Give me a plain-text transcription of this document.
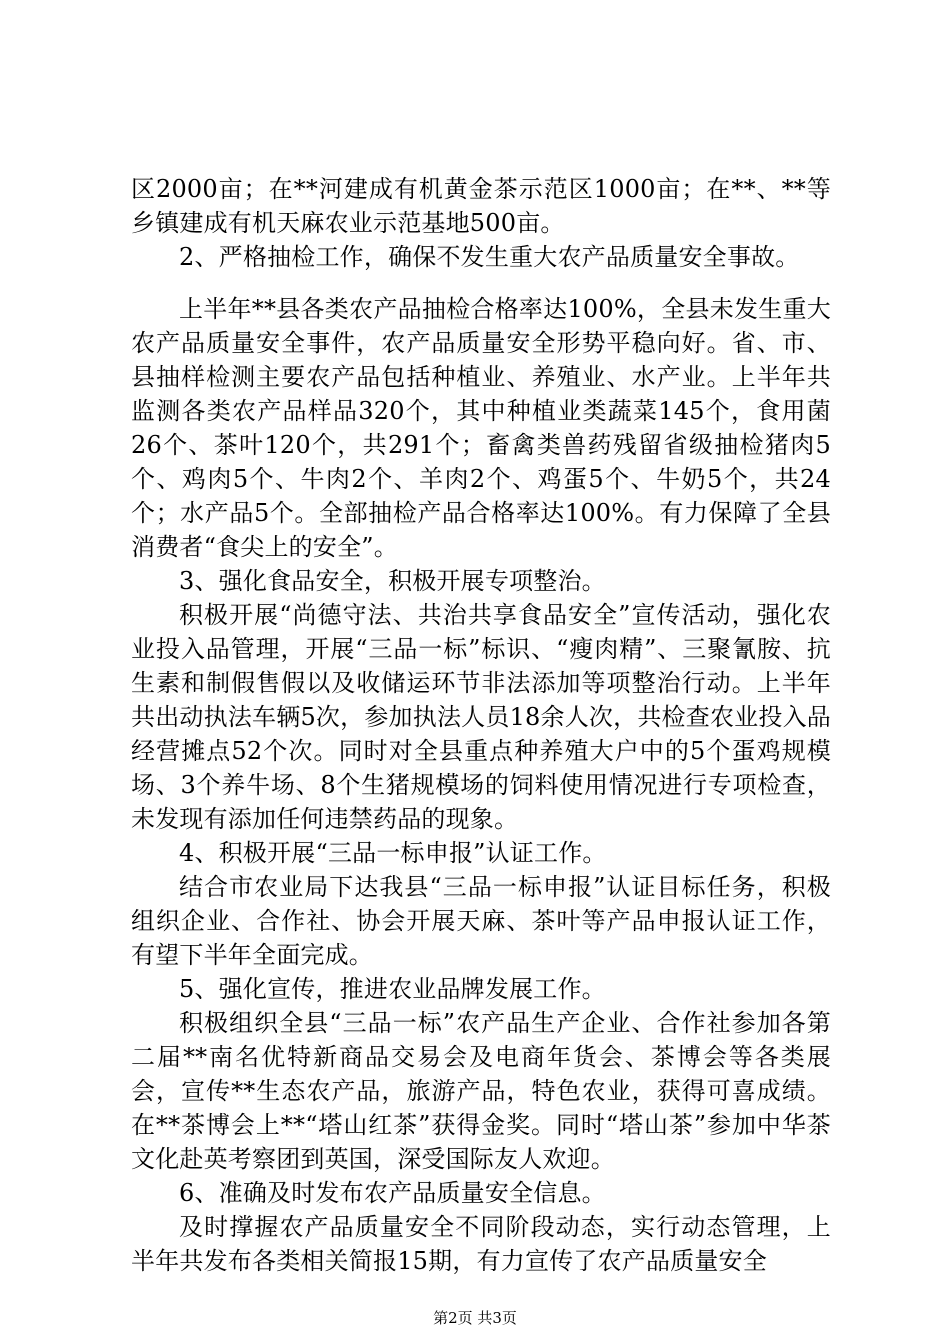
区2000亩；在**河建成有机黄金茶示范区1000亩；在**、**等乡镇建成有机天麻农业示范基地500亩。

2、严格抽检工作，确保不发生重大农产品质量安全事故。

上半年**县各类农产品抽检合格率达100%，全县未发生重大农产品质量安全事件，农产品质量安全形势平稳向好。省、市、县抽样检测主要农产品包括种植业、养殖业、水产业。上半年共监测各类农产品样品320个，其中种植业类蔬菜145个，食用菌26个、茶叶120个，共291个；畜禽类兽药残留省级抽检猪肉5个、鸡肉5个、牛肉2个、羊肉2个、鸡蛋5个、牛奶5个，共24个；水产品5个。全部抽检产品合格率达100%。有力保障了全县消费者“食尖上的安全”。

3、强化食品安全，积极开展专项整治。

积极开展“尚德守法、共治共享食品安全”宣传活动，强化农业投入品管理，开展“三品一标”标识、“瘦肉精”、三聚氰胺、抗生素和制假售假以及收储运环节非法添加等项整治行动。上半年共出动执法车辆5次，参加执法人员18余人次，共检查农业投入品经营摊点52个次。同时对全县重点种养殖大户中的5个蛋鸡规模场、3个养牛场、8个生猪规模场的饲料使用情况进行专项检查，未发现有添加任何违禁药品的现象。

4、积极开展“三品一标申报”认证工作。

结合市农业局下达我县“三品一标申报”认证目标任务，积极组织企业、合作社、协会开展天麻、茶叶等产品申报认证工作，有望下半年全面完成。

5、强化宣传，推进农业品牌发展工作。

积极组织全县“三品一标”农产品生产企业、合作社参加各第二届**南名优特新商品交易会及电商年货会、茶博会等各类展会，宣传**生态农产品，旅游产品，特色农业，获得可喜成绩。在**茶博会上**“塔山红茶”获得金奖。同时“塔山茶”参加中华茶文化赴英考察团到英国，深受国际友人欢迎。

6、准确及时发布农产品质量安全信息。

及时撑握农产品质量安全不同阶段动态，实行动态管理，上半年共发布各类相关简报15期，有力宣传了农产品质量安全

第2页 共3页
